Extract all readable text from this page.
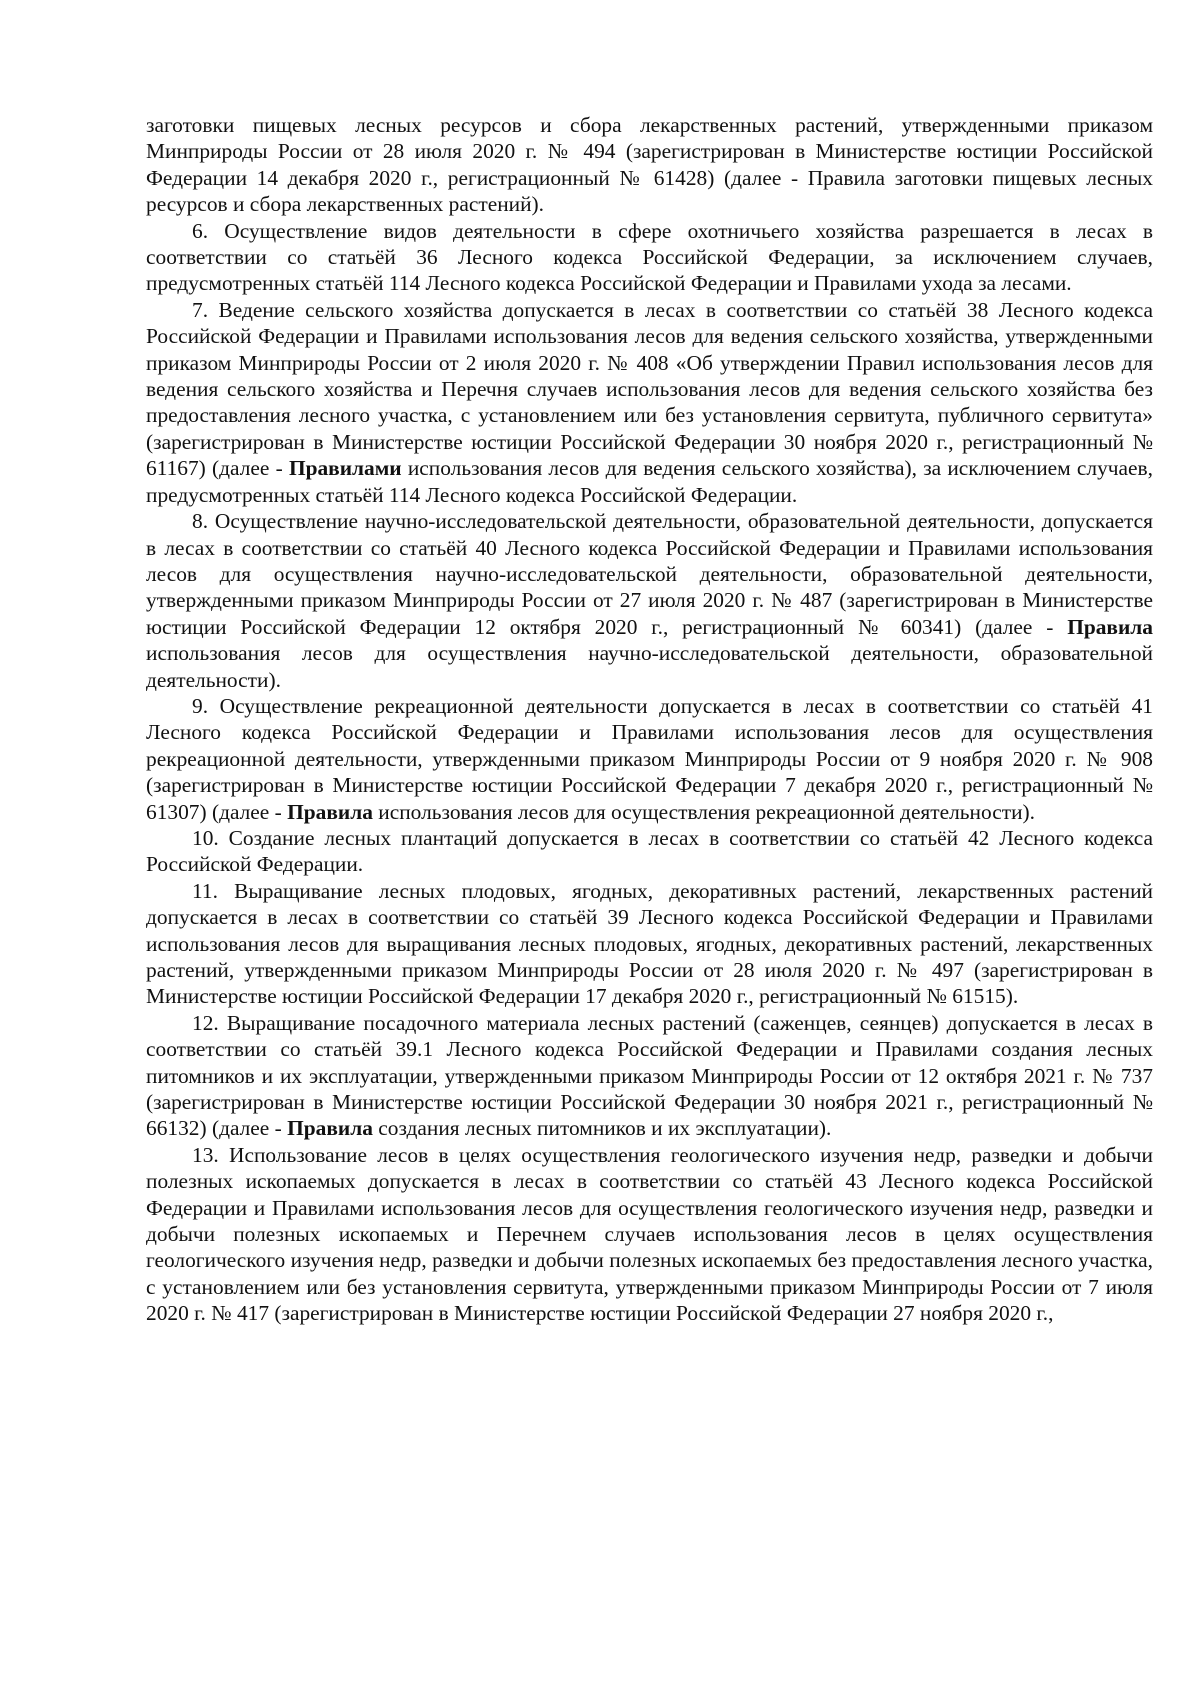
заготовки пищевых лесных ресурсов и сбора лекарственных растений, утвержденными приказом Минприроды России от 28 июля 2020 г. № 494 (зарегистрирован в Министерстве юстиции Российской Федерации 14 декабря 2020 г., регистрационный № 61428) (далее - Правила заготовки пищевых лесных ресурсов и сбора лекарственных растений).

6. Осуществление видов деятельности в сфере охотничьего хозяйства разрешается в лесах в соответствии со статьёй 36 Лесного кодекса Российской Федерации, за исключением случаев, предусмотренных статьёй 114 Лесного кодекса Российской Федерации и Правилами ухода за лесами.

7. Ведение сельского хозяйства допускается в лесах в соответствии со статьёй 38 Лесного кодекса Российской Федерации и Правилами использования лесов для ведения сельского хозяйства, утвержденными приказом Минприроды России от 2 июля 2020 г. № 408 «Об утверждении Правил использования лесов для ведения сельского хозяйства и Перечня случаев использования лесов для ведения сельского хозяйства без предоставления лесного участка, с установлением или без установления сервитута, публичного сервитута» (зарегистрирован в Министерстве юстиции Российской Федерации 30 ноября 2020 г., регистрационный № 61167) (далее - Правилами использования лесов для ведения сельского хозяйства), за исключением случаев, предусмотренных статьёй 114 Лесного кодекса Российской Федерации.

8. Осуществление научно-исследовательской деятельности, образовательной деятельности, допускается в лесах в соответствии со статьёй 40 Лесного кодекса Российской Федерации и Правилами использования лесов для осуществления научно-исследовательской деятельности, образовательной деятельности, утвержденными приказом Минприроды России от 27 июля 2020 г. № 487 (зарегистрирован в Министерстве юстиции Российской Федерации 12 октября 2020 г., регистрационный № 60341) (далее - Правила использования лесов для осуществления научно-исследовательской деятельности, образовательной деятельности).

9. Осуществление рекреационной деятельности допускается в лесах в соответствии со статьёй 41 Лесного кодекса Российской Федерации и Правилами использования лесов для осуществления рекреационной деятельности, утвержденными приказом Минприроды России от 9 ноября 2020 г. № 908 (зарегистрирован в Министерстве юстиции Российской Федерации 7 декабря 2020 г., регистрационный № 61307) (далее - Правила использования лесов для осуществления рекреационной деятельности).

10. Создание лесных плантаций допускается в лесах в соответствии со статьёй 42 Лесного кодекса Российской Федерации.

11. Выращивание лесных плодовых, ягодных, декоративных растений, лекарственных растений допускается в лесах в соответствии со статьёй 39 Лесного кодекса Российской Федерации и Правилами использования лесов для выращивания лесных плодовых, ягодных, декоративных растений, лекарственных растений, утвержденными приказом Минприроды России от 28 июля 2020 г. № 497 (зарегистрирован в Министерстве юстиции Российской Федерации 17 декабря 2020 г., регистрационный № 61515).

12. Выращивание посадочного материала лесных растений (саженцев, сеянцев) допускается в лесах в соответствии со статьёй 39.1 Лесного кодекса Российской Федерации и Правилами создания лесных питомников и их эксплуатации, утвержденными приказом Минприроды России от 12 октября 2021 г. № 737 (зарегистрирован в Министерстве юстиции Российской Федерации 30 ноября 2021 г., регистрационный № 66132) (далее - Правила создания лесных питомников и их эксплуатации).

13. Использование лесов в целях осуществления геологического изучения недр, разведки и добычи полезных ископаемых допускается в лесах в соответствии со статьёй 43 Лесного кодекса Российской Федерации и Правилами использования лесов для осуществления геологического изучения недр, разведки и добычи полезных ископаемых и Перечнем случаев использования лесов в целях осуществления геологического изучения недр, разведки и добычи полезных ископаемых без предоставления лесного участка, с установлением или без установления сервитута, утвержденными приказом Минприроды России от 7 июля 2020 г. № 417 (зарегистрирован в Министерстве юстиции Российской Федерации 27 ноября 2020 г.,
